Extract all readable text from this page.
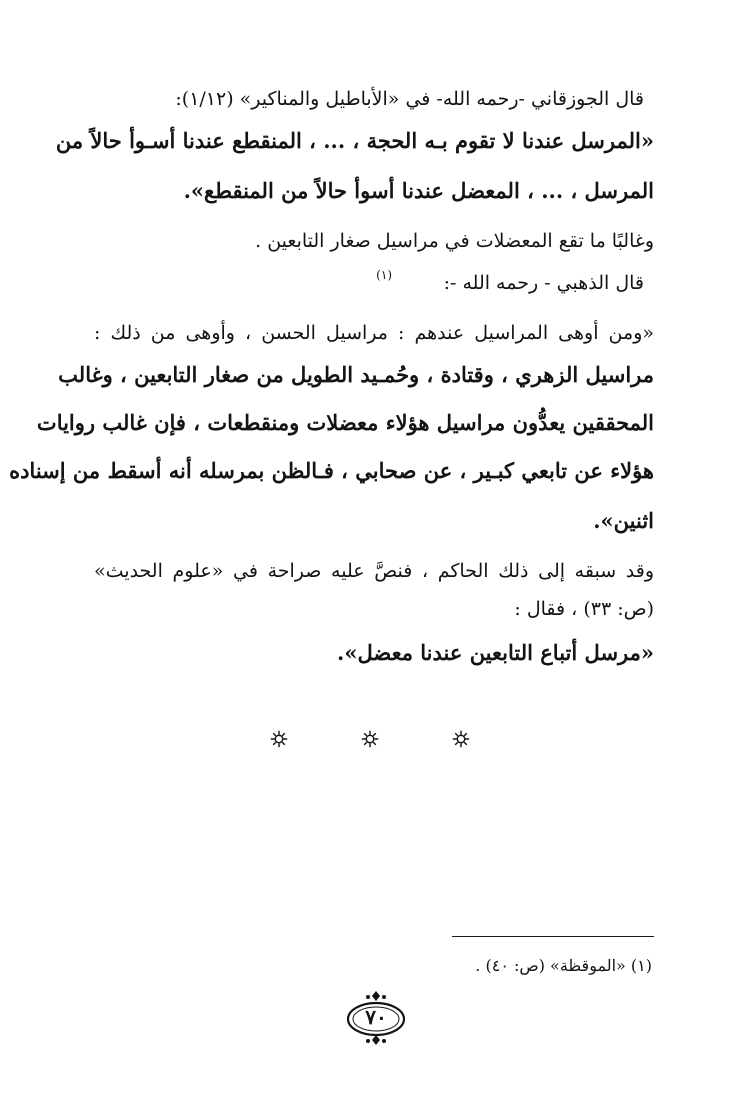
قال الجوزقاني -رحمه الله- في «الأباطيل والمناكير» (١/١٢):

«المرسل عندنا لا تقوم بـه الحجة ، ... ، المنقطع عندنا أسـوأ حالاً من

المرسل ، ... ، المعضل عندنا أسوأ حالاً من المنقطع».

وغالبًا ما تقع المعضلات في مراسيل صغار التابعين .

قال الذهبي - رحمه الله -:

(١)

«ومن أوهى المراسيل عندهم : مراسيل الحسن ، وأوهى من ذلك :

مراسيل الزهري ، وقتادة ، وحُمـيد الطويل من صغار التابعين ، وغالب

المحققين يعدُّون مراسيل هؤلاء معضلات ومنقطعات ، فإن غالب روايات

هؤلاء عن تابعي كبـير ، عن صحابي ، فـالظن بمرسله أنه أسقط من إسناده

اثنين».

وقد سبقه إلى ذلك الحاكم ، فنصَّ عليه صراحة في «علوم الحديث»

(ص: ٣٣) ، فقال :

«مرسل أتباع التابعين عندنا معضل».

(١) «الموقظة» (ص: ٤٠) .

٧٠
